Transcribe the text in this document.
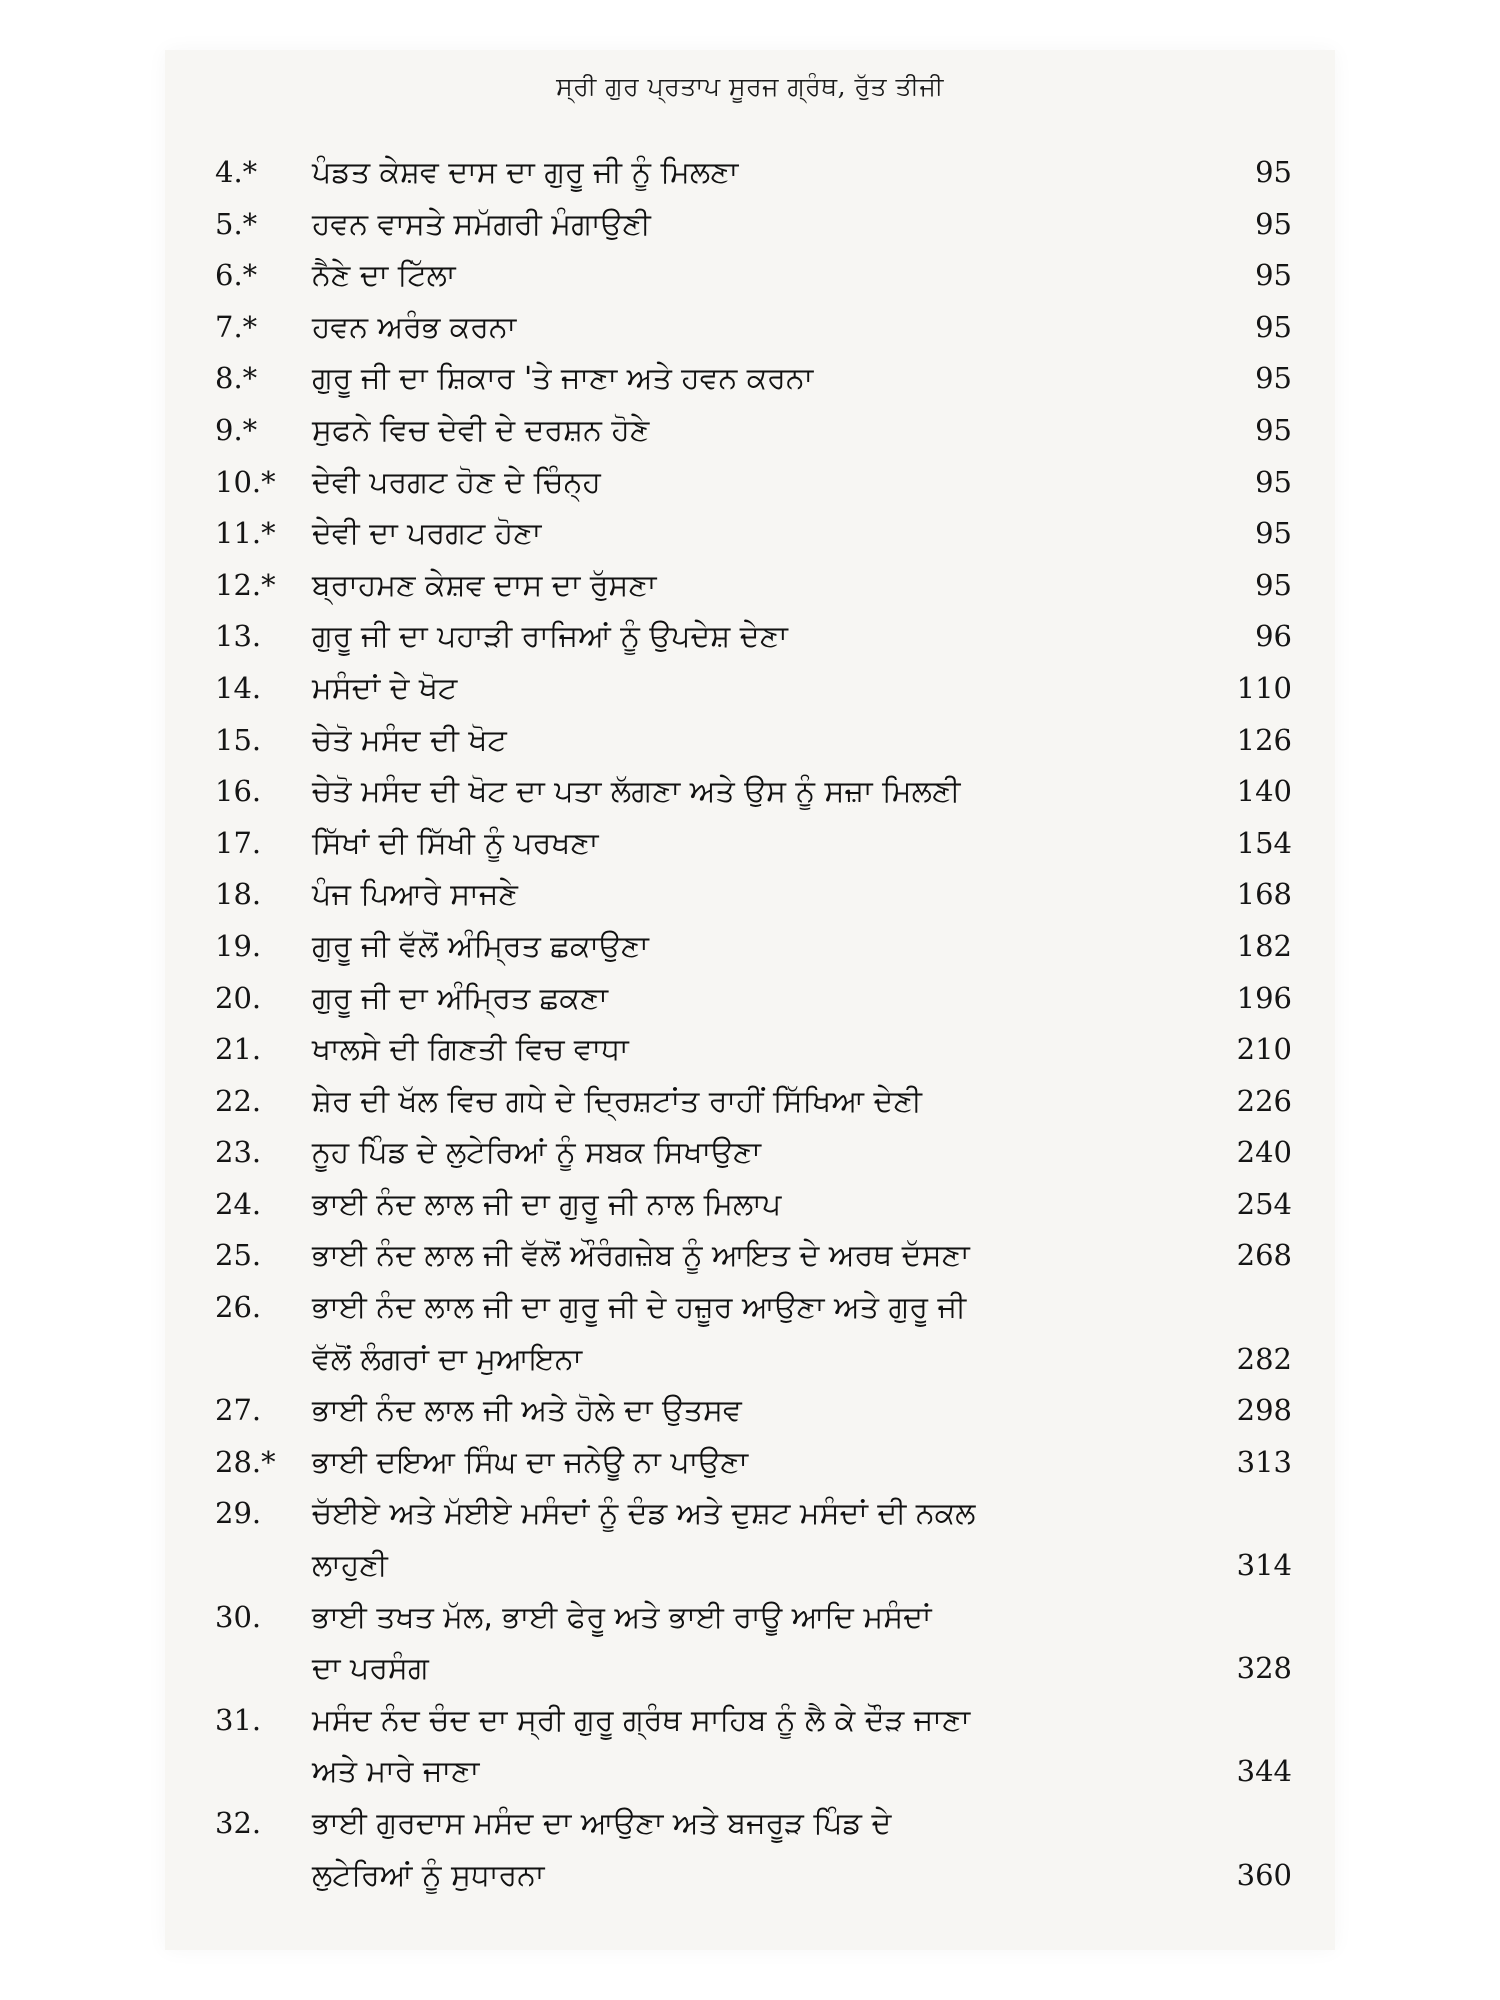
ਸ੍ਰੀ ਗੁਰ ਪ੍ਰਤਾਪ ਸੂਰਜ ਗ੍ਰੰਥ, ਰੁੱਤ ਤੀਜੀ
4.*	ਪੰਡਤ ਕੇਸ਼ਵ ਦਾਸ ਦਾ ਗੁਰੂ ਜੀ ਨੂੰ ਮਿਲਣਾ	95
5.*	ਹਵਨ ਵਾਸਤੇ ਸਮੱਗਰੀ ਮੰਗਾਉਣੀ	95
6.*	ਨੈਣੇ ਦਾ ਟਿੱਲਾ	95
7.*	ਹਵਨ ਅਰੰਭ ਕਰਨਾ	95
8.*	ਗੁਰੂ ਜੀ ਦਾ ਸ਼ਿਕਾਰ 'ਤੇ ਜਾਣਾ ਅਤੇ ਹਵਨ ਕਰਨਾ	95
9.*	ਸੁਫਨੇ ਵਿਚ ਦੇਵੀ ਦੇ ਦਰਸ਼ਨ ਹੋਣੇ	95
10.*	ਦੇਵੀ ਪਰਗਟ ਹੋਣ ਦੇ ਚਿੰਨ੍ਹ	95
11.*	ਦੇਵੀ ਦਾ ਪਰਗਟ ਹੋਣਾ	95
12.*	ਬ੍ਰਾਹਮਣ ਕੇਸ਼ਵ ਦਾਸ ਦਾ ਰੁੱਸਣਾ	95
13.	ਗੁਰੂ ਜੀ ਦਾ ਪਹਾੜੀ ਰਾਜਿਆਂ ਨੂੰ ਉਪਦੇਸ਼ ਦੇਣਾ	96
14.	ਮਸੰਦਾਂ ਦੇ ਖੋਟ	110
15.	ਚੇਤੋ ਮਸੰਦ ਦੀ ਖੋਟ	126
16.	ਚੇਤੋ ਮਸੰਦ ਦੀ ਖੋਟ ਦਾ ਪਤਾ ਲੱਗਣਾ ਅਤੇ ਉਸ ਨੂੰ ਸਜ਼ਾ ਮਿਲਣੀ	140
17.	ਸਿੱਖਾਂ ਦੀ ਸਿੱਖੀ ਨੂੰ ਪਰਖਣਾ	154
18.	ਪੰਜ ਪਿਆਰੇ ਸਾਜਣੇ	168
19.	ਗੁਰੂ ਜੀ ਵੱਲੋਂ ਅੰਮ੍ਰਿਤ ਛਕਾਉਣਾ	182
20.	ਗੁਰੂ ਜੀ ਦਾ ਅੰਮ੍ਰਿਤ ਛਕਣਾ	196
21.	ਖਾਲਸੇ ਦੀ ਗਿਣਤੀ ਵਿਚ ਵਾਧਾ	210
22.	ਸ਼ੇਰ ਦੀ ਖੱਲ ਵਿਚ ਗਧੇ ਦੇ ਦ੍ਰਿਸ਼ਟਾਂਤ ਰਾਹੀਂ ਸਿੱਖਿਆ ਦੇਣੀ	226
23.	ਨੂਹ ਪਿੰਡ ਦੇ ਲੁਟੇਰਿਆਂ ਨੂੰ ਸਬਕ ਸਿਖਾਉਣਾ	240
24.	ਭਾਈ ਨੰਦ ਲਾਲ ਜੀ ਦਾ ਗੁਰੂ ਜੀ ਨਾਲ ਮਿਲਾਪ	254
25.	ਭਾਈ ਨੰਦ ਲਾਲ ਜੀ ਵੱਲੋਂ ਔਰੰਗਜ਼ੇਬ ਨੂੰ ਆਇਤ ਦੇ ਅਰਥ ਦੱਸਣਾ	268
26.	ਭਾਈ ਨੰਦ ਲਾਲ ਜੀ ਦਾ ਗੁਰੂ ਜੀ ਦੇ ਹਜ਼ੂਰ ਆਉਣਾ ਅਤੇ ਗੁਰੂ ਜੀ
ਵੱਲੋਂ ਲੰਗਰਾਂ ਦਾ ਮੁਆਇਨਾ	282
27.	ਭਾਈ ਨੰਦ ਲਾਲ ਜੀ ਅਤੇ ਹੋਲੇ ਦਾ ਉਤਸਵ	298
28.*	ਭਾਈ ਦਇਆ ਸਿੰਘ ਦਾ ਜਨੇਊ ਨਾ ਪਾਉਣਾ	313
29.	ਚੱਈਏ ਅਤੇ ਮੱਈਏ ਮਸੰਦਾਂ ਨੂੰ ਦੰਡ ਅਤੇ ਦੁਸ਼ਟ ਮਸੰਦਾਂ ਦੀ ਨਕਲ
ਲਾਹੁਣੀ	314
30.	ਭਾਈ ਤਖਤ ਮੱਲ, ਭਾਈ ਫੇਰੂ ਅਤੇ ਭਾਈ ਰਾਊ ਆਦਿ ਮਸੰਦਾਂ
ਦਾ ਪਰਸੰਗ	328
31.	ਮਸੰਦ ਨੰਦ ਚੰਦ ਦਾ ਸ੍ਰੀ ਗੁਰੂ ਗ੍ਰੰਥ ਸਾਹਿਬ ਨੂੰ ਲੈ ਕੇ ਦੌੜ ਜਾਣਾ
ਅਤੇ ਮਾਰੇ ਜਾਣਾ	344
32.	ਭਾਈ ਗੁਰਦਾਸ ਮਸੰਦ ਦਾ ਆਉਣਾ ਅਤੇ ਬਜਰੂੜ ਪਿੰਡ ਦੇ
ਲੁਟੇਰਿਆਂ ਨੂੰ ਸੁਧਾਰਨਾ	360
